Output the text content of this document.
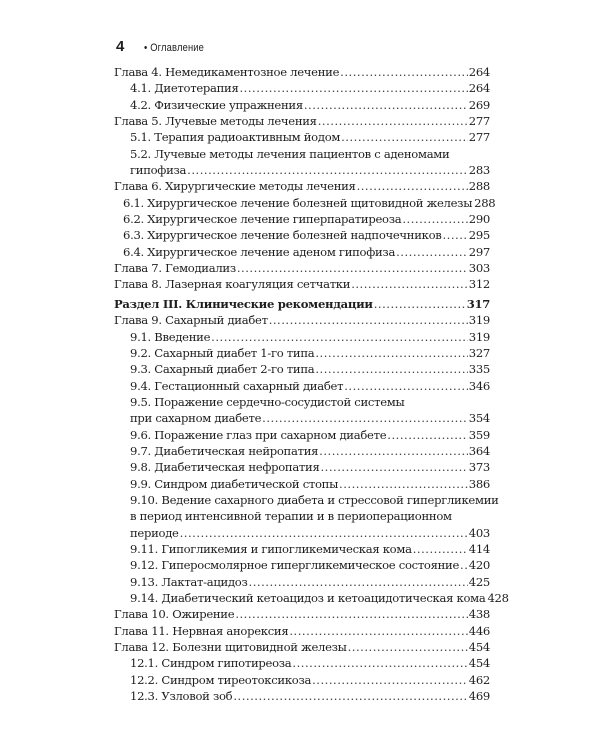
4	• Оглавление
Глава 4. Немедикаментозное лечение .....	264
4.1. Диетотерапия .....	264
4.2. Физические упражнения .....	269
Глава 5. Лучевые методы лечения .....	277
5.1. Терапия радиоактивным йодом .....	277
5.2. Лучевые методы лечения пациентов с аденомами
гипофиза .....	283
Глава 6. Хирургические методы лечения .....	288
6.1. Хирургическое лечение болезней щитовидной железы 288
6.2. Хирургическое лечение гиперпаратиреоза .....	290
6.3. Хирургическое лечение болезней надпочечников ..... 295
6.4. Хирургическое лечение аденом гипофиза .....	297
Глава 7. Гемодиализ .....	303
Глава 8. Лазерная коагуляция сетчатки .....	312
Раздел III. Клинические рекомендации .....	317
Глава 9. Сахарный диабет .....	319
9.1. Введение .....	319
9.2. Сахарный диабет 1-го типа .....	327
9.3. Сахарный диабет 2-го типа .....	335
9.4. Гестационный сахарный диабет .....	346
9.5. Поражение сердечно-сосудистой системы
при сахарном диабете .....	354
9.6. Поражение глаз при сахарном диабете .....	359
9.7. Диабетическая нейропатия .....	364
9.8. Диабетическая нефропатия .....	373
9.9. Синдром диабетической стопы .....	386
9.10. Ведение сахарного диабета и стрессовой гипергликемии
в период интенсивной терапии и в периоперационном
периоде .....	403
9.11. Гипогликемия и гипогликемическая кома .....	414
9.12. Гиперосмолярное гипергликемическое состояние ..... 420
9.13. Лактат-ацидоз .....	425
9.14. Диабетический кетоацидоз и кетоацидотическая кома 428
Глава 10. Ожирение .....	438
Глава 11. Нервная анорексия .....	446
Глава 12. Болезни щитовидной железы .....	454
12.1. Синдром гипотиреоза .....	454
12.2. Синдром тиреотоксикоза .....	462
12.3. Узловой зоб .....	469
